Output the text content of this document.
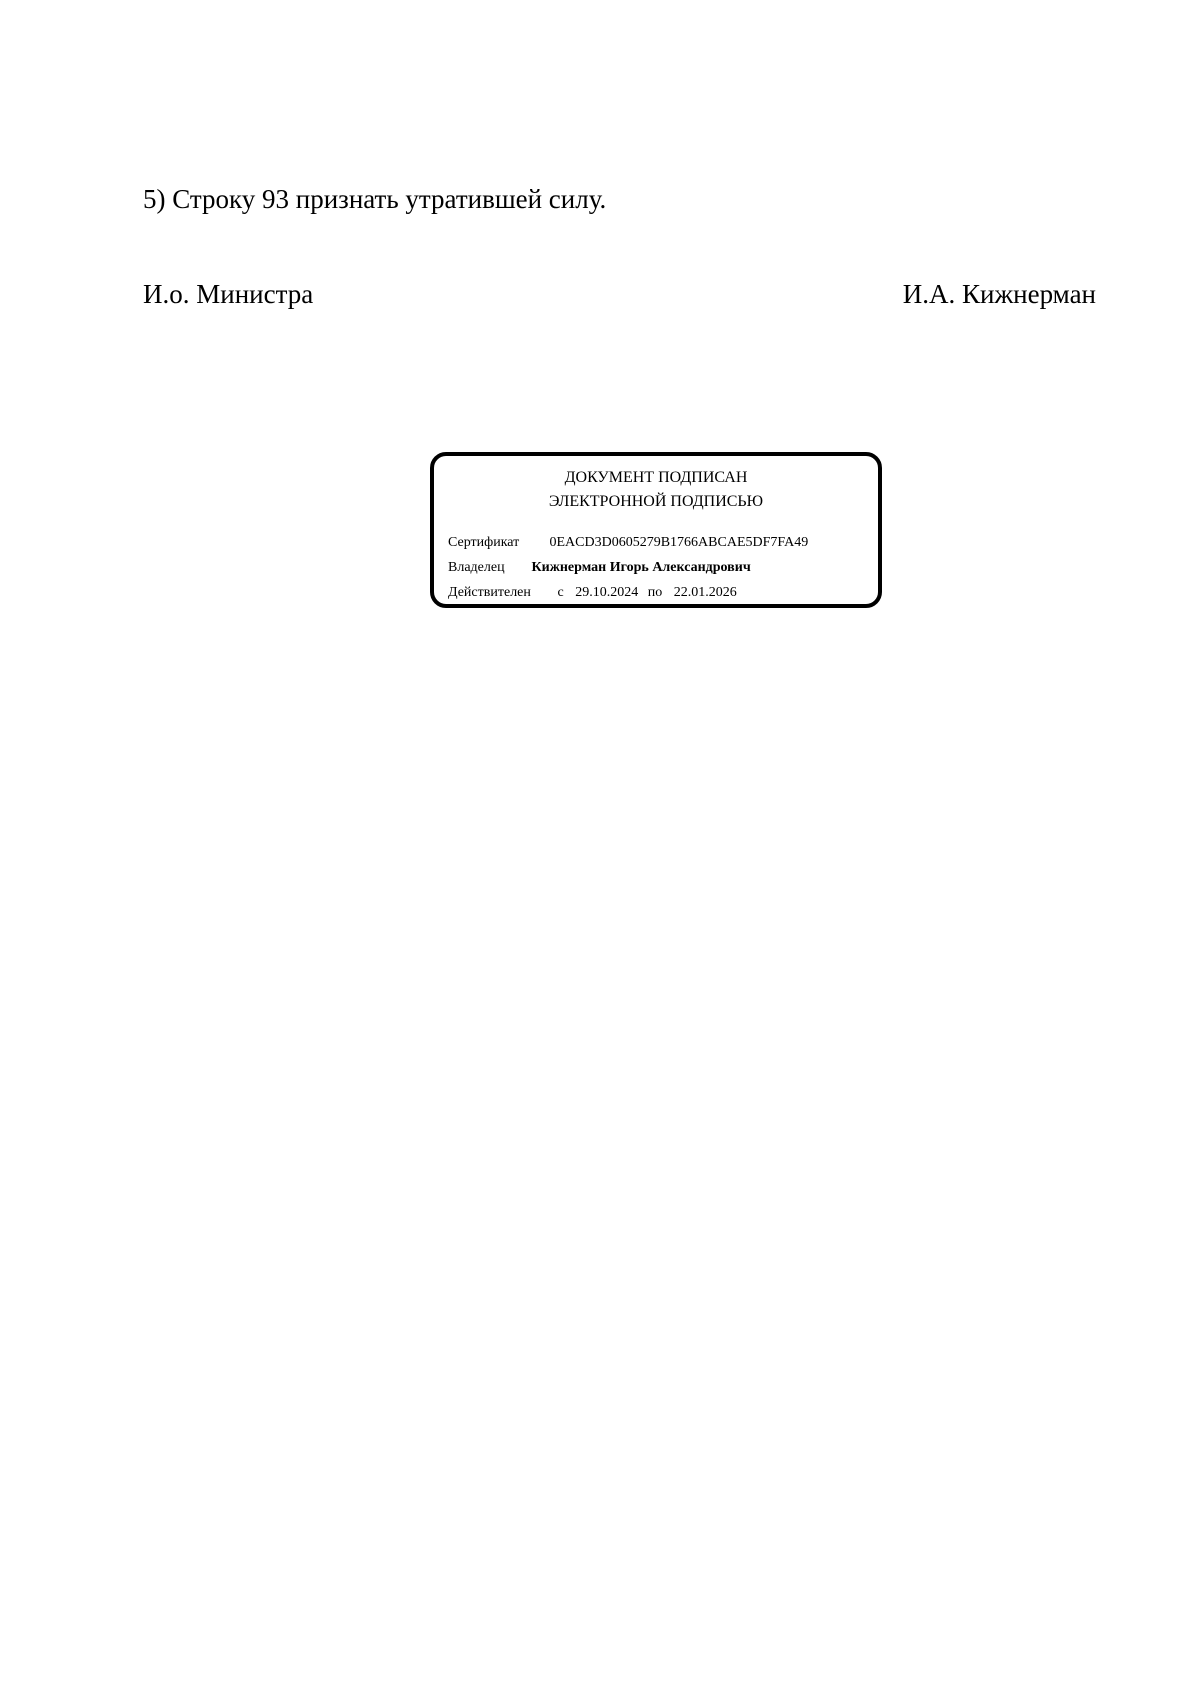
5) Строку 93 признать утратившей силу.
И.о. Министра	И.А. Кижнерман
ДОКУМЕНТ ПОДПИСАН
ЭЛЕКТРОННОЙ ПОДПИСЬЮ
Сертификат 0EACD3D0605279B1766ABCAE5DF7FA49
Владелец Кижнерман Игорь Александрович
Действителен с 29.10.2024 по 22.01.2026
